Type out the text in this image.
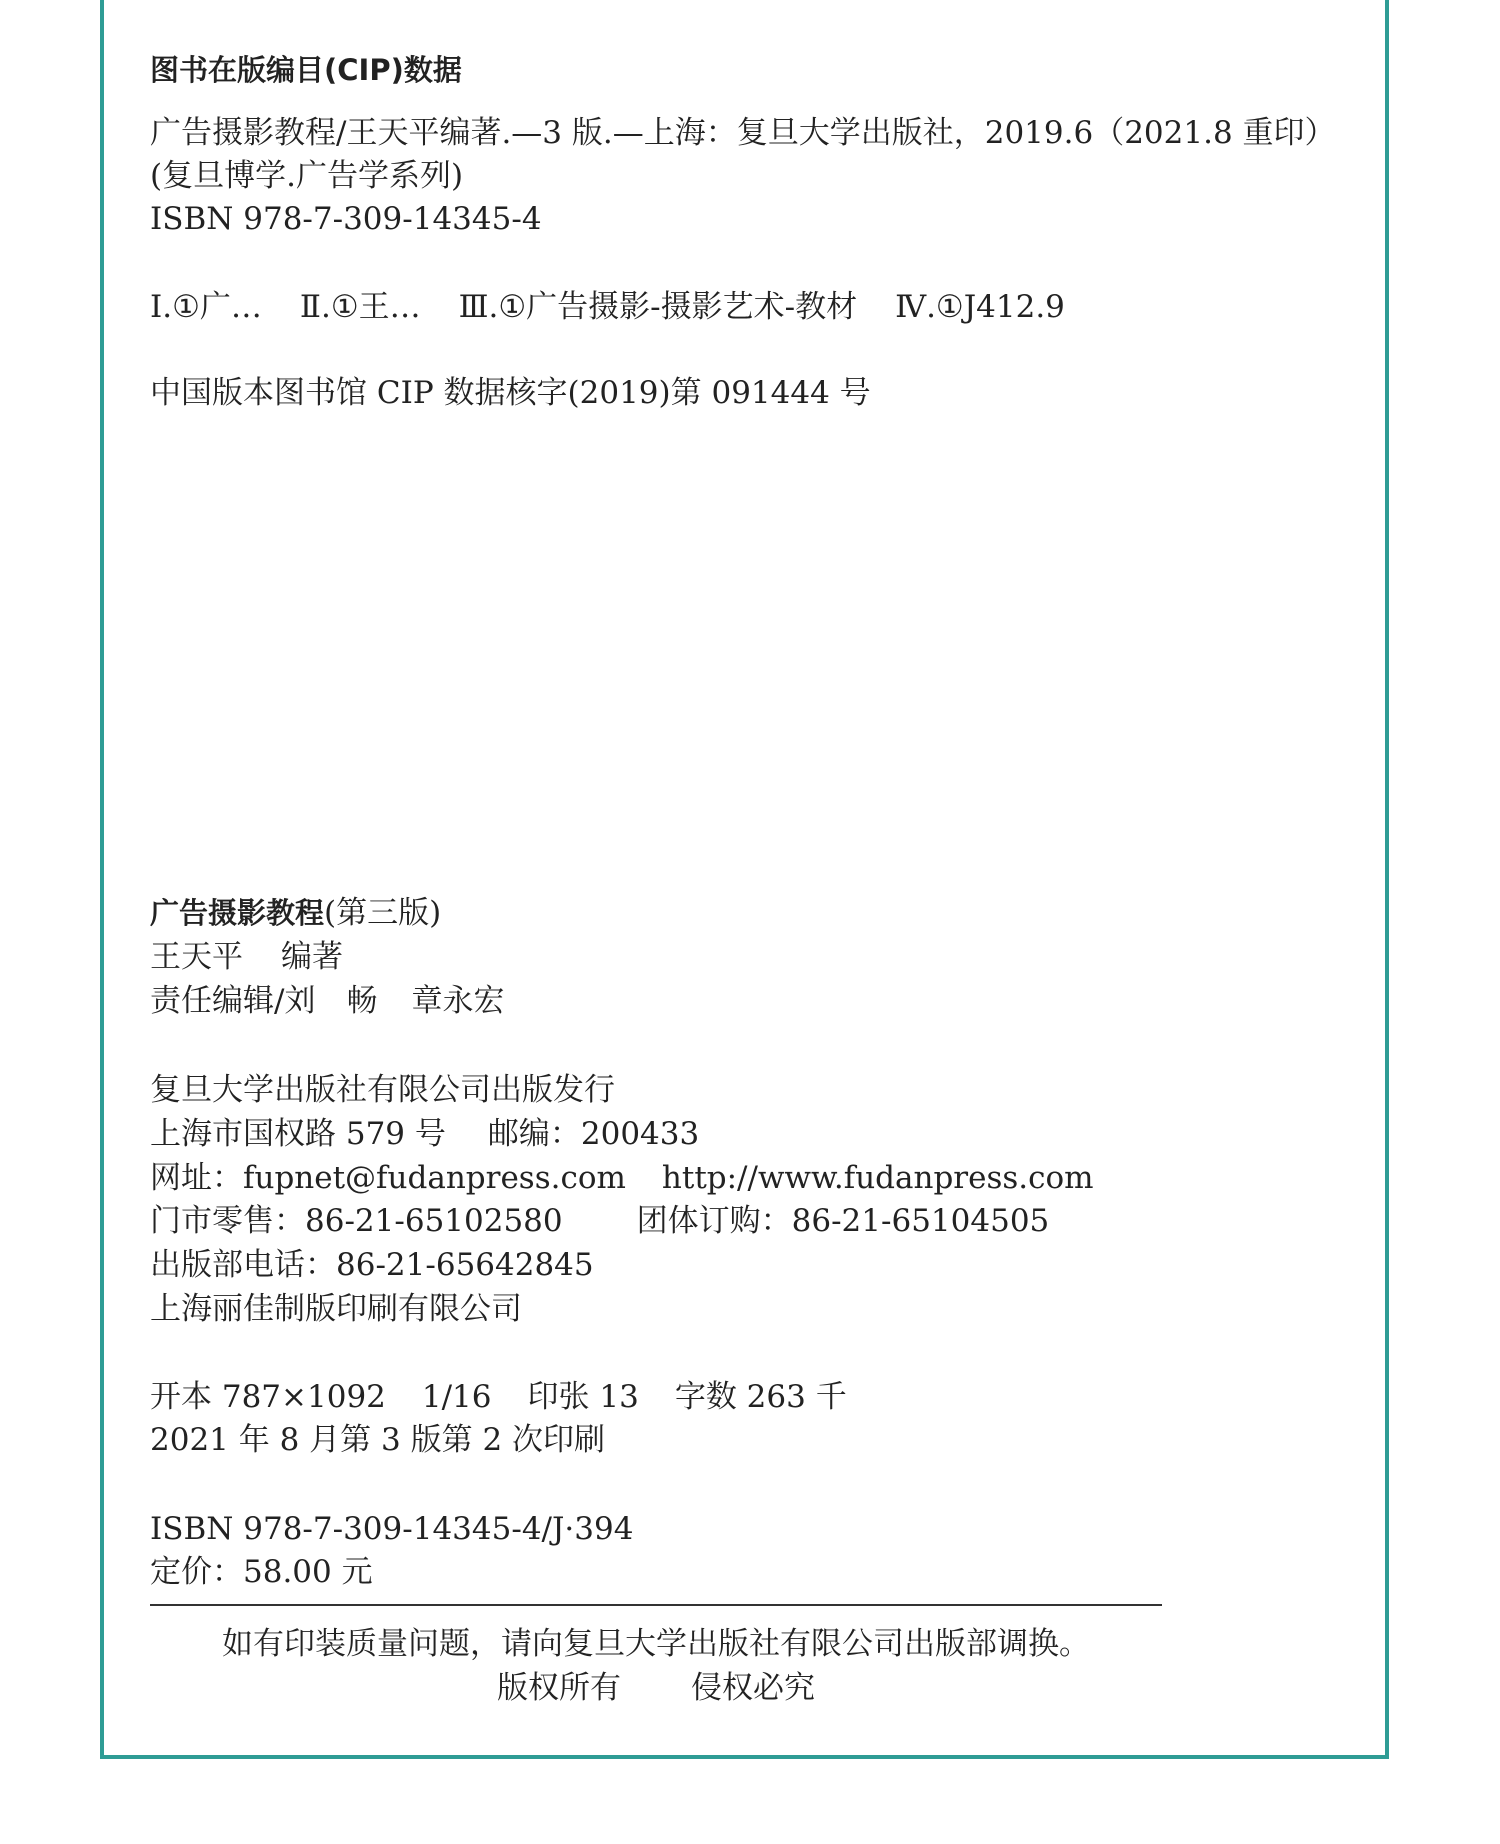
图书在版编目(CIP)数据
广告摄影教程/王天平编著.—3 版.—上海：复旦大学出版社，2019.6（2021.8 重印）
(复旦博学.广告学系列)
ISBN 978-7-309-14345-4
Ⅰ.①广… Ⅱ.①王… Ⅲ.①广告摄影-摄影艺术-教材 Ⅳ.①J412.9
中国版本图书馆 CIP 数据核字(2019)第 091444 号
广告摄影教程(第三版)
王天平 编著
责任编辑/刘　畅 章永宏
复旦大学出版社有限公司出版发行
上海市国权路 579 号 邮编：200433
网址：fupnet@fudanpress.com http://www.fudanpress.com
门市零售：86-21-65102580 团体订购：86-21-65104505
出版部电话：86-21-65642845
上海丽佳制版印刷有限公司
开本 787×1092 1/16 印张 13 字数 263 千
2021 年 8 月第 3 版第 2 次印刷
ISBN 978-7-309-14345-4/J·394
定价：58.00 元
如有印装质量问题，请向复旦大学出版社有限公司出版部调换。
版权所有 侵权必究
